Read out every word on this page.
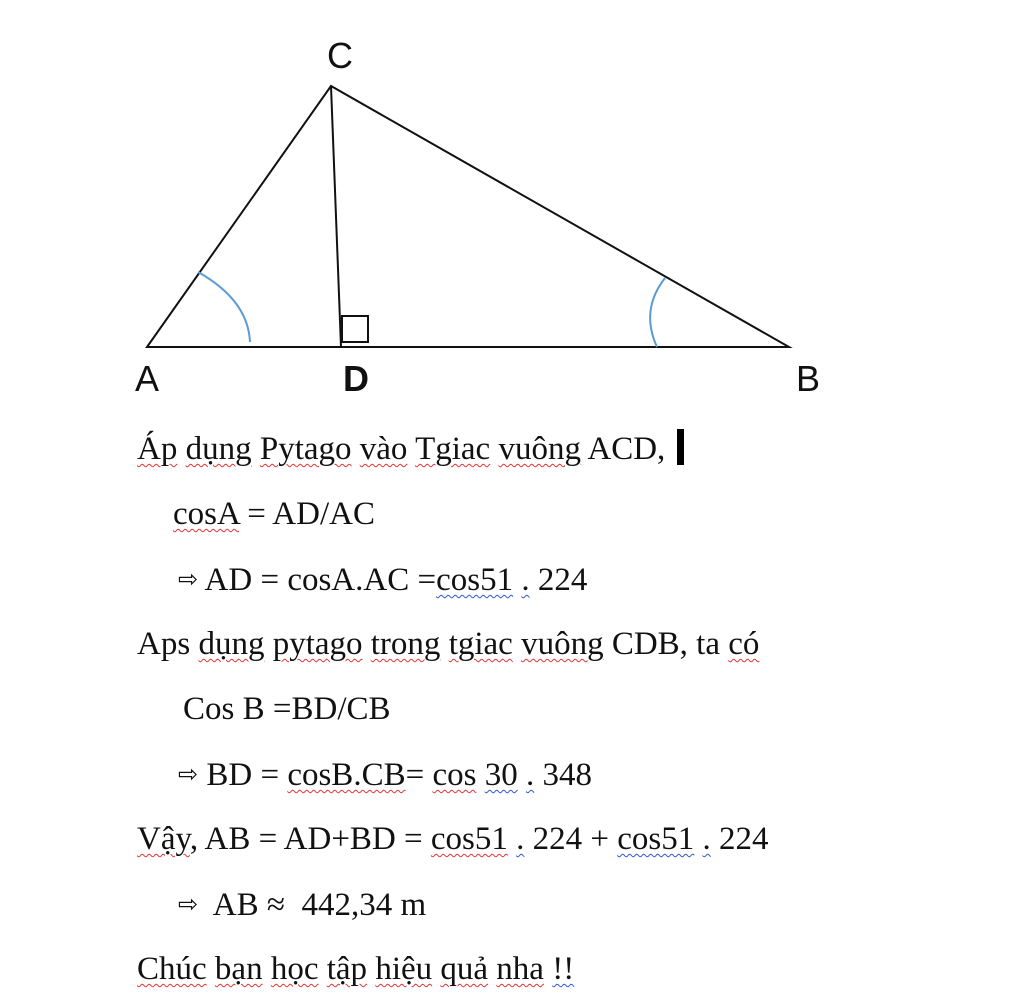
C
A	D	B
Áp dụng Pytago vào Tgiac vuông ACD,
cosA = AD/AC
⇨ AD = cosA.AC =cos51 . 224
Aps dụng pytago trong tgiac vuông CDB, ta có
Cos B =BD/CB
⇨ BD = cosB.CB= cos 30 . 348
Vậy, AB = AD+BD = cos51 . 224 + cos51 . 224
⇨  AB ≈  442,34 m
Chúc bạn học tập hiệu quả nha !!
